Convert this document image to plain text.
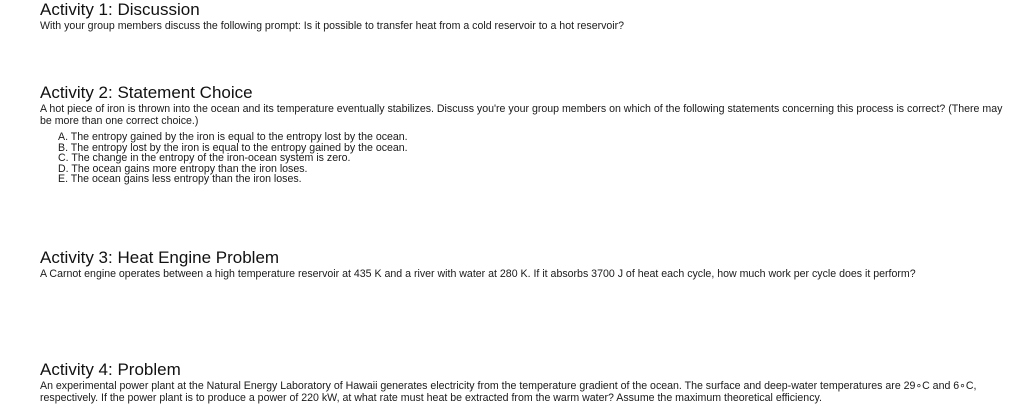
Activity 1: Discussion

With your group members discuss the following prompt: Is it possible to transfer heat from a cold reservoir to a hot reservoir?

Activity 2: Statement Choice

A hot piece of iron is thrown into the ocean and its temperature eventually stabilizes. Discuss you're your group members on which of the following statements concerning this process is correct? (There may be more than one correct choice.)

A. The entropy gained by the iron is equal to the entropy lost by the ocean.
B. The entropy lost by the iron is equal to the entropy gained by the ocean.
C. The change in the entropy of the iron-ocean system is zero.
D. The ocean gains more entropy than the iron loses.
E. The ocean gains less entropy than the iron loses.
Activity 3: Heat Engine Problem

A Carnot engine operates between a high temperature reservoir at 435 K and a river with water at 280 K. If it absorbs 3700 J of heat each cycle, how much work per cycle does it perform?

Activity 4: Problem

An experimental power plant at the Natural Energy Laboratory of Hawaii generates electricity from the temperature gradient of the ocean. The surface and deep-water temperatures are 29∘C and 6∘C, respectively. If the power plant is to produce a power of 220 kW, at what rate must heat be extracted from the warm water? Assume the maximum theoretical efficiency.
